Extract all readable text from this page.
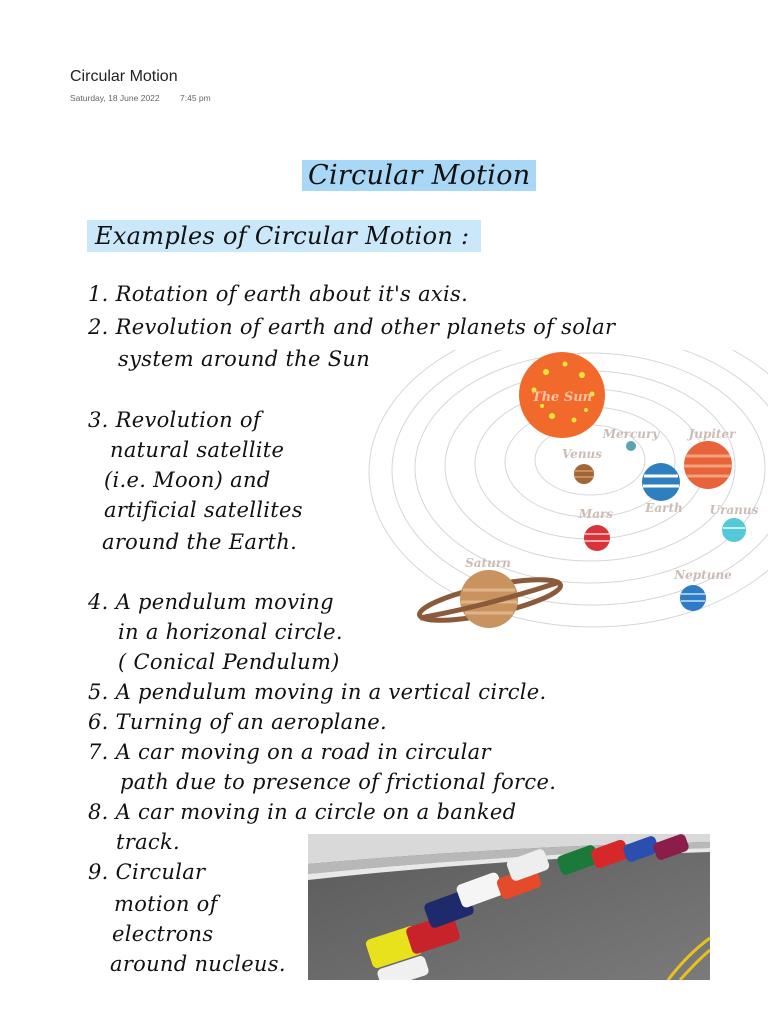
Circular Motion
Saturday, 18 June 2022 7:45 pm
Circular Motion
Examples of Circular Motion :
1. Rotation of earth about it's axis.
2. Revolution of earth and other planets of solar
system around the Sun
3. Revolution of
natural satellite
(i.e. Moon) and
artificial satellites
around the Earth.
4. A pendulum moving
in a horizonal circle.
( Conical Pendulum)
5. A pendulum moving in a vertical circle.
6. Turning of an aeroplane.
7. A car moving on a road in circular
path due to presence of frictional force.
8. A car moving in a circle on a banked
track.
9. Circular
motion of
electrons
around nucleus.
The Sun
Mercury
Venus
Jupiter
Earth
Mars	Uranus
Saturn
Neptune
